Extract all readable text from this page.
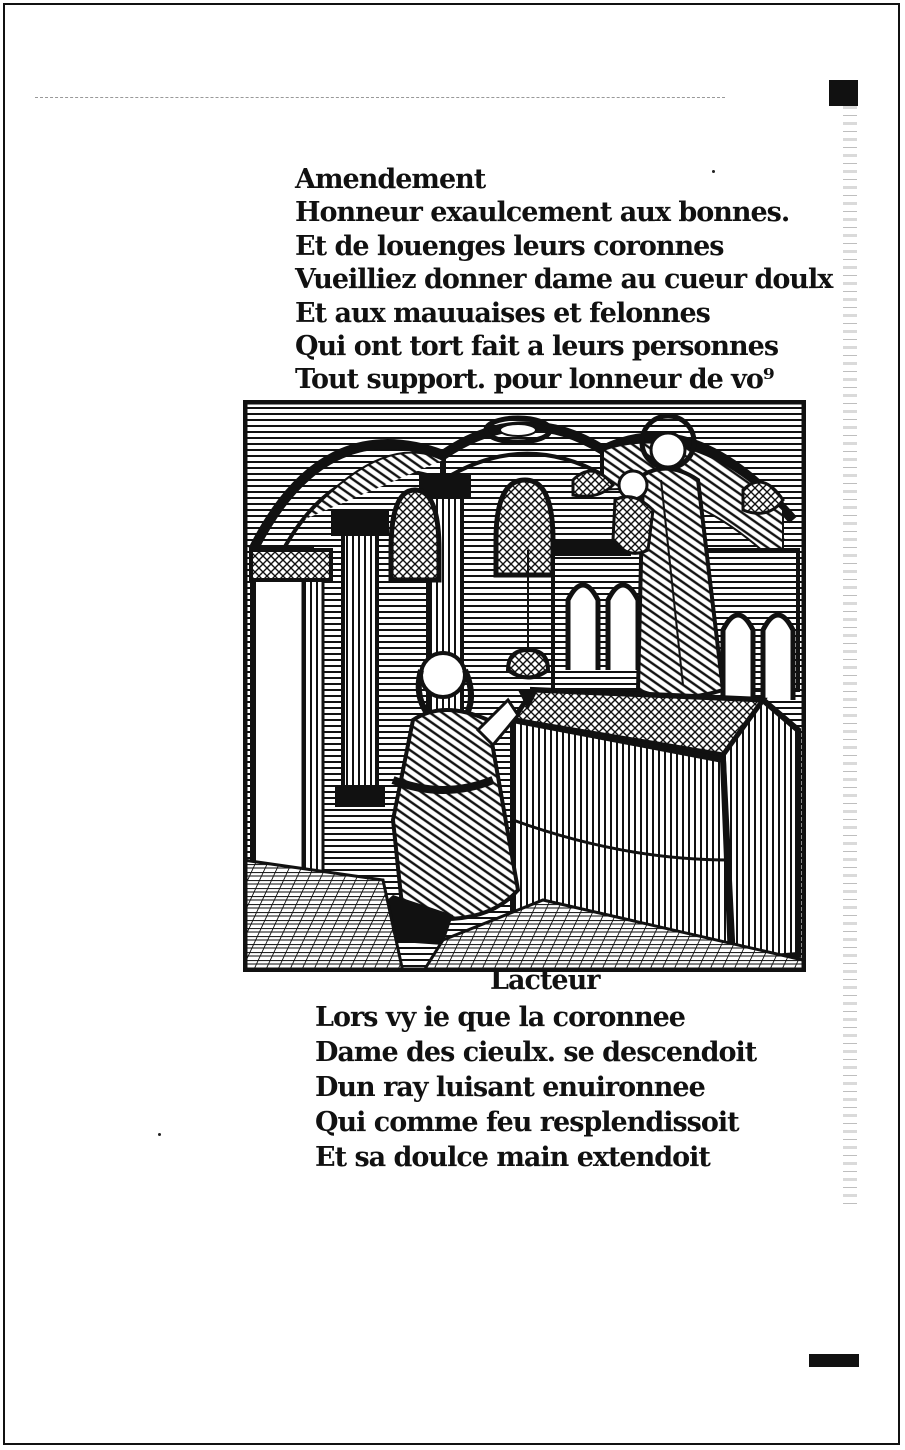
Amendement
Honneur exaulcement aux bonnes.
Et de louenges leurs coronnes
Vueilliez donner dame au cueur doulx
Et aux mauuaises et felonnes
Qui ont tort fait a leurs personnes
Tout support. pour lonneur de vo⁹
Lacteur
Lors vy ie que la coronnee
Dame des cieulx. se descendoit
Dun ray luisant enuironnee
Qui comme feu resplendissoit
Et sa doulce main extendoit
